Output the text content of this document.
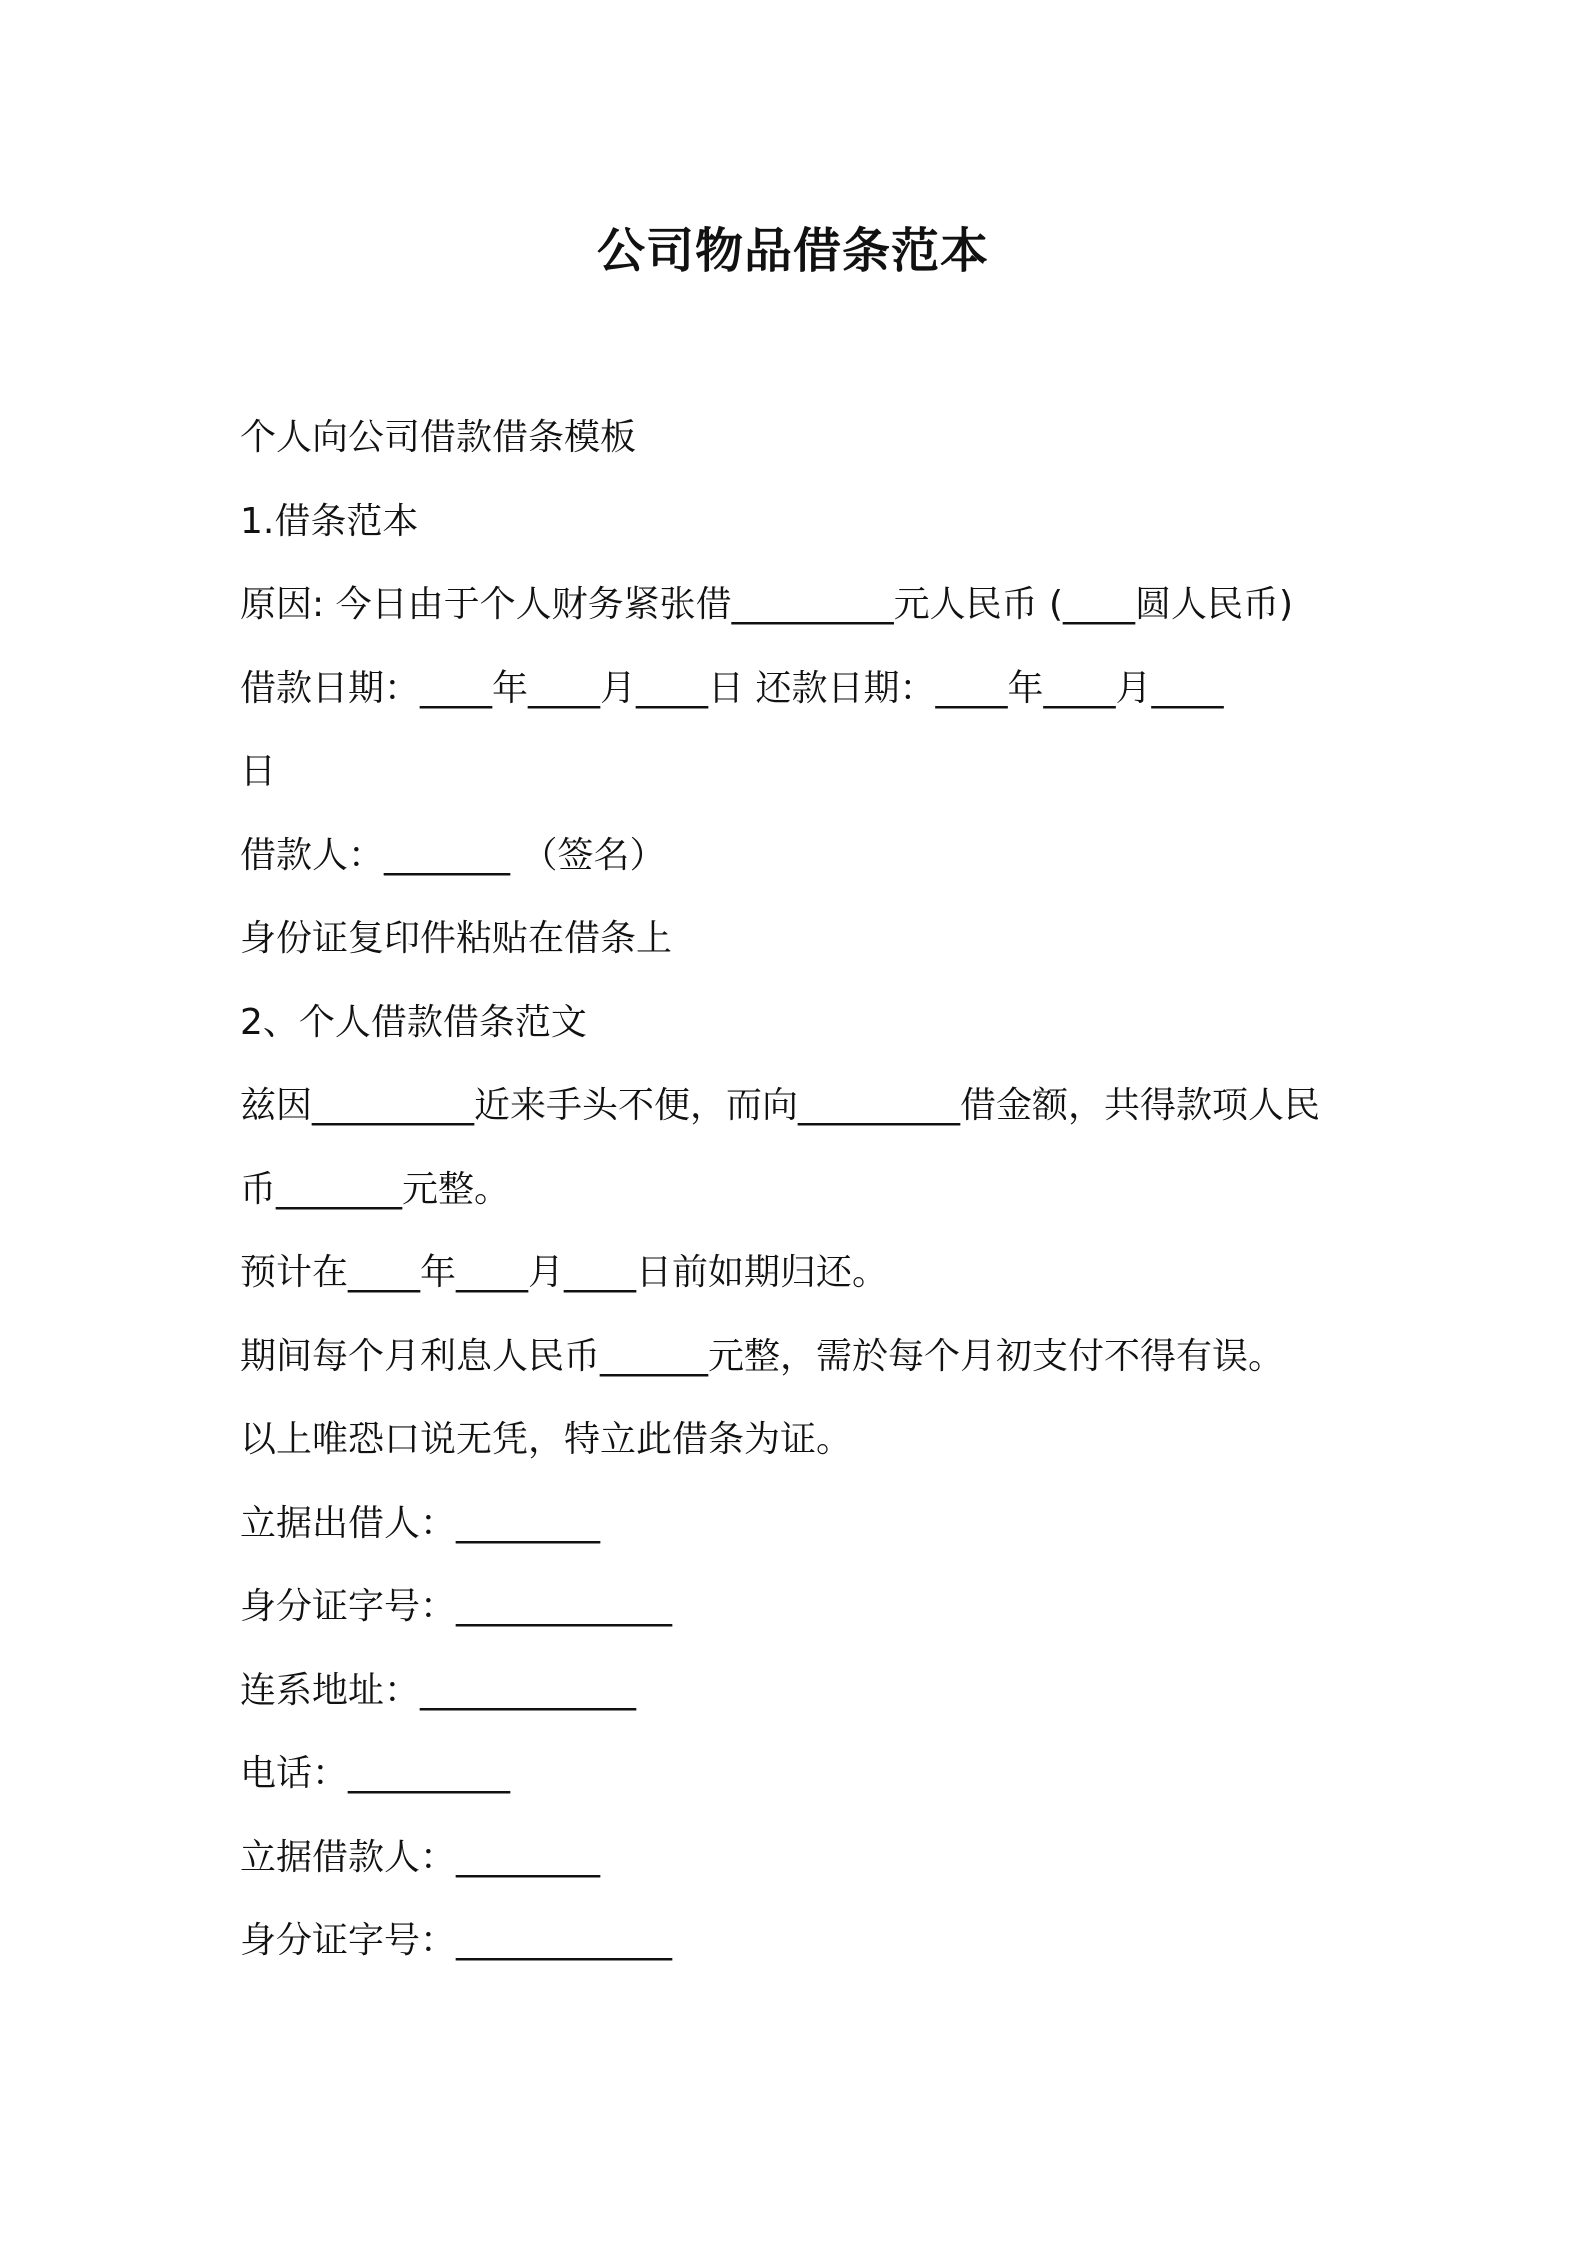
公司物品借条范本
个人向公司借款借条模板
1.借条范本
原因: 今日由于个人财务紧张借_________元人民币 (____圆人民币)
借款日期：____年____月____日 还款日期：____年____月____
日
借款人：_______ （签名）
身份证复印件粘贴在借条上
2、个人借款借条范文
兹因_________近来手头不便，而向_________借金额，共得款项人民
币_______元整。
预计在____年____月____日前如期归还。
期间每个月利息人民币______元整，需於每个月初支付不得有误。
以上唯恐口说无凭，特立此借条为证。
立据出借人：________
身分证字号：____________
连系地址：____________
电话：_________
立据借款人：________
身分证字号：____________
